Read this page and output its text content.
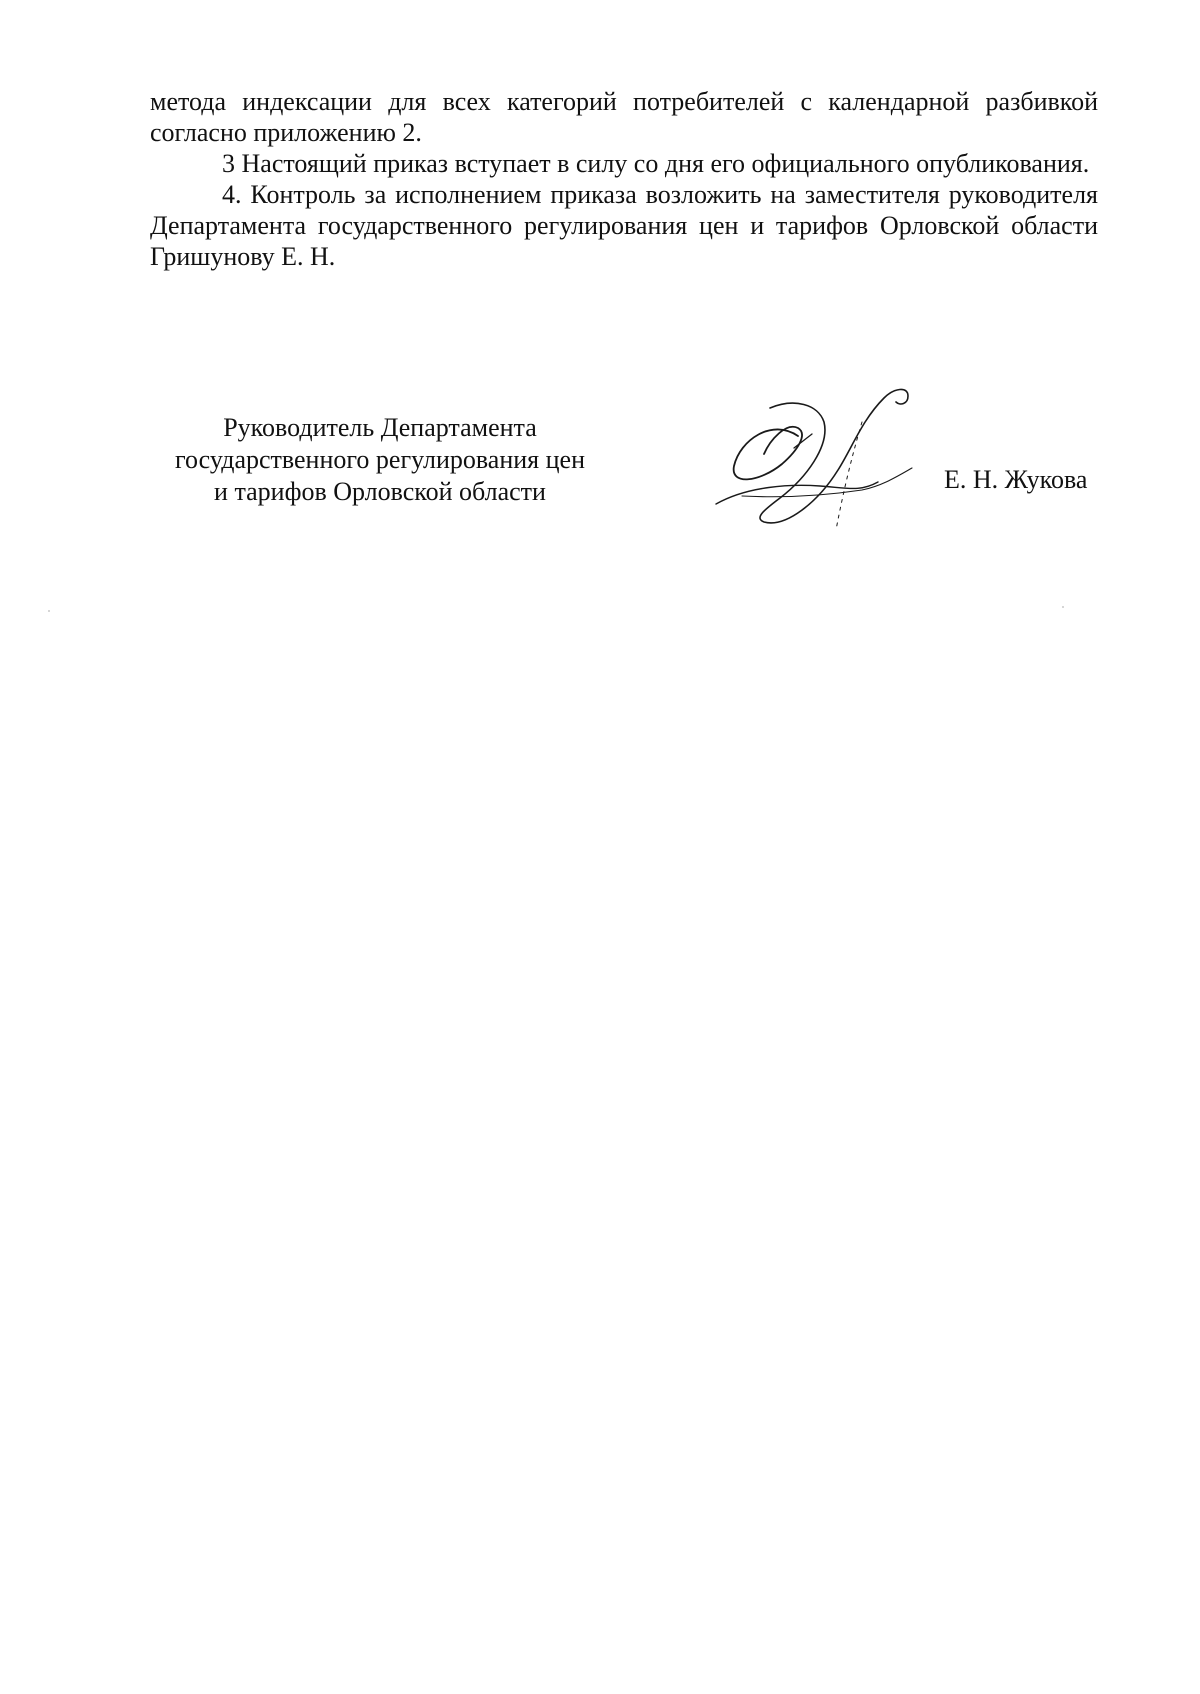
метода индексации для всех категорий потребителей с календарной разбивкой согласно приложению 2.

3 Настоящий приказ вступает в силу со дня его официального опубликования.

4. Контроль за исполнением приказа возложить на заместителя руководителя Департамента государственного регулирования цен и тарифов Орловской области Гришунову Е. Н.

Руководитель Департамента
государственного регулирования цен
и тарифов Орловской области	Е. Н. Жукова
